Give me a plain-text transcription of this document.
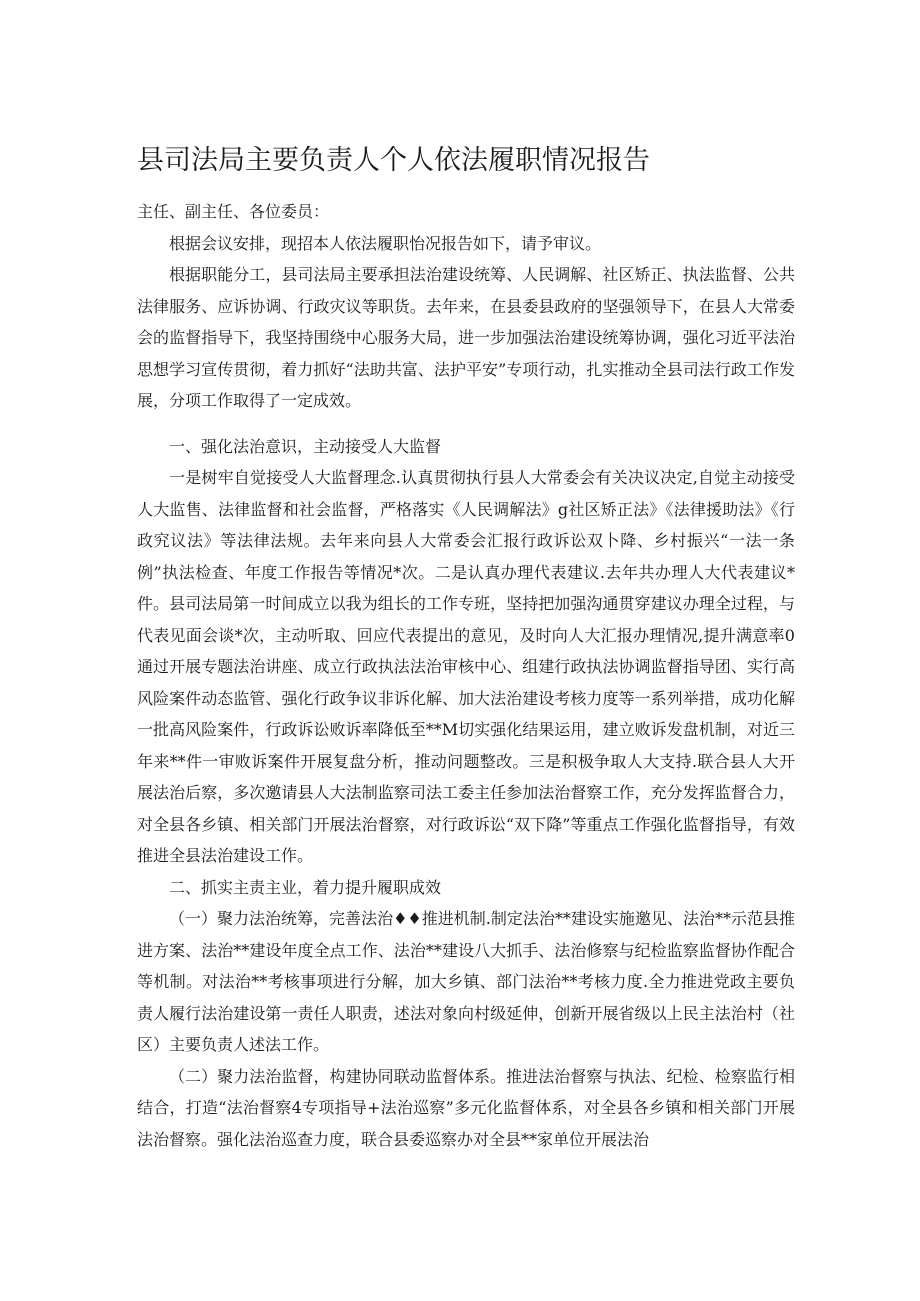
县司法局主要负责人个人依法履职情况报告

主任、副主任、各位委员：

根据会议安排，现招本人依法履职怡况报告如下，请予审议。

根据职能分工，县司法局主要承担法治建设统筹、人民调解、社区矫正、执法监督、公共法律服务、应诉协调、行政灾议等职货。去年来，在县委县政府的坚强领导下，在县人大常委会的监督指导下，我坚持围绕中心服务大局，进一步加强法治建设统筹协调，强化习近平法治思想学习宣传贯彻，着力抓好“法助共富、法护平安”专项行动，扎实推动全县司法行政工作发展，分项工作取得了一定成效。

一、强化法治意识，主动接受人大监督

一是树牢自觉接受人大监督理念.认真贯彻执行县人大常委会有关决议决定,自觉主动接受人大监售、法律监督和社会监督，严格落实《人民调解法》g社区矫正法》《法律援助法》《行政究议法》等法律法规。去年来向县人大常委会汇报行政诉讼双卜降、乡村振兴“一法一条例”执法检查、年度工作报告等情况*次。二是认真办理代表建议.去年共办理人大代表建议*件。县司法局第一时间成立以我为组长的工作专班，坚持把加强沟通贯穿建议办理全过程，与代表见面会谈*次，主动听取、回应代表提出的意见，及时向人大汇报办理情况,提升满意率0通过开展专题法治讲座、成立行政执法法治审核中心、组建行政执法协调监督指导团、实行高风险案件动态监管、强化行政争议非诉化解、加大法治建设考核力度等一系列举措，成功化解一批高风险案件，行政诉讼败诉率降低至**M切实强化结果运用，建立败诉发盘机制，对近三年来**件一审败诉案件开展复盘分析，推动问题整改。三是积极争取人大支持.联合县人大开展法治后察，多次邀请县人大法制监察司法工委主任参加法治督察工作，充分发挥监督合力，对全县各乡镇、相关部门开展法治督察，对行政诉讼“双下降”等重点工作强化监督指导，有效推进全县法治建设工作。

二、抓实主责主业，着力提升履职成效

（一）聚力法治统筹，完善法治♦♦推进机制.制定法治**建设实施邀见、法治**示范县推进方案、法治**建设年度全点工作、法治**建设八大抓手、法治修察与纪检监察监督协作配合等机制。对法治**考核事项进行分解，加大乡镇、部门法治**考核力度.全力推进党政主要负责人履行法治建设第一责任人职责，述法对象向村级延伸，创新开展省级以上民主法治村（社区）主要负责人述法工作。

（二）聚力法治监督，构建协同联动监督体系。推进法治督察与执法、纪检、检察监行相结合，打造“法治督察4专项指导+法治巡察”多元化监督体系，对全县各乡镇和相关部门开展法治督察。强化法治巡查力度，联合县委巡察办对全县**家单位开展法治
